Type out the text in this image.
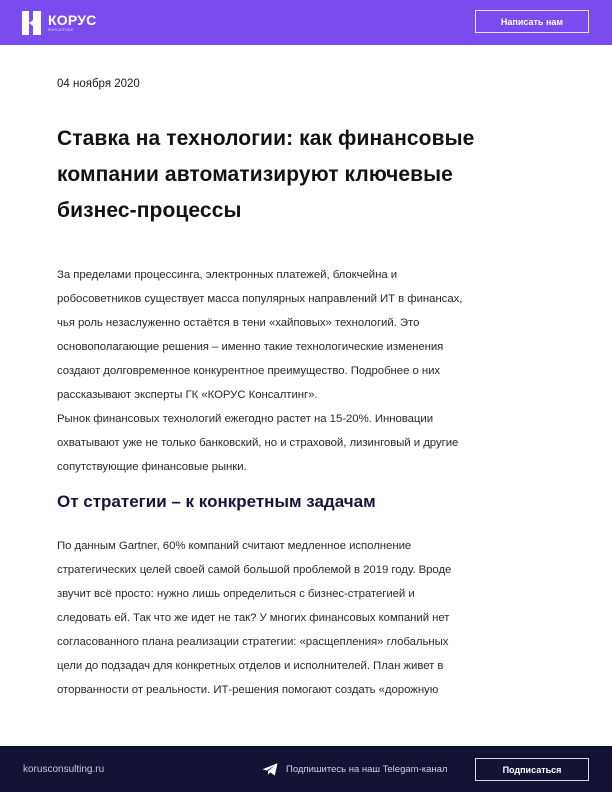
КОРУС
КОНСАЛТИНГ
Написать нам
04 ноября 2020
Ставка на технологии: как финансовые
компании автоматизируют ключевые
бизнес-процессы
За пределами процессинга, электронных платежей, блокчейна и
робосоветников существует масса популярных направлений ИТ в финансах,
чья роль незаслуженно остаётся в тени «хайповых» технологий. Это
основополагающие решения – именно такие технологические изменения
создают долговременное конкурентное преимущество. Подробнее о них
рассказывают эксперты ГК «КОРУС Консалтинг».
Рынок финансовых технологий ежегодно растет на 15-20%. Инновации
охватывают уже не только банковский, но и страховой, лизинговый и другие
сопутствующие финансовые рынки.
От стратегии – к конкретным задачам
По данным Gartner, 60% компаний считают медленное исполнение
стратегических целей своей самой большой проблемой в 2019 году. Вроде
звучит всё просто: нужно лишь определиться с бизнес-стратегией и
следовать ей. Так что же идет не так? У многих финансовых компаний нет
согласованного плана реализации стратегии: «расщепления» глобальных
цели до подзадач для конкретных отделов и исполнителей. План живет в
оторванности от реальности. ИТ-решения помогают создать «дорожную
korusconsulting.ru	Подпишитесь на наш Telegam-канал	Подписаться
